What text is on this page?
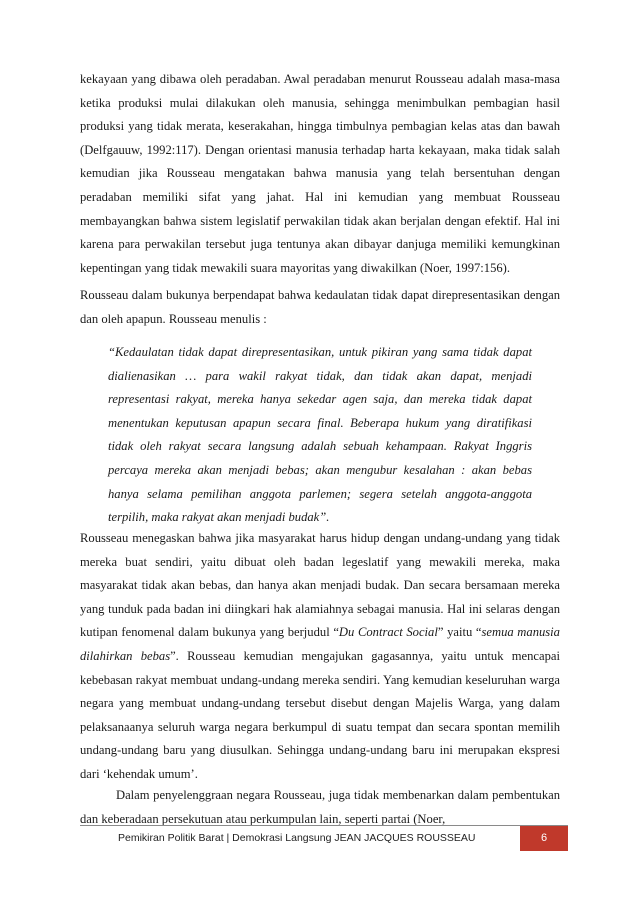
kekayaan yang dibawa oleh peradaban. Awal peradaban menurut Rousseau adalah masa-masa ketika produksi mulai dilakukan oleh manusia, sehingga menimbulkan pembagian hasil produksi yang tidak merata, keserakahan, hingga timbulnya pembagian kelas atas dan bawah (Delfgauuw, 1992:117). Dengan orientasi manusia terhadap harta kekayaan, maka tidak salah kemudian jika Rousseau mengatakan bahwa manusia yang telah bersentuhan dengan peradaban memiliki sifat yang jahat. Hal ini kemudian yang membuat Rousseau membayangkan bahwa sistem legislatif perwakilan tidak akan berjalan dengan efektif. Hal ini karena para perwakilan tersebut juga tentunya akan dibayar danjuga memiliki kemungkinan kepentingan yang tidak mewakili suara mayoritas yang diwakilkan (Noer, 1997:156).

Rousseau dalam bukunya berpendapat bahwa kedaulatan tidak dapat direpresentasikan dengan dan oleh apapun. Rousseau menulis :

“Kedaulatan tidak dapat direpresentasikan, untuk pikiran yang sama tidak dapat dialienasikan … para wakil rakyat tidak, dan tidak akan dapat, menjadi representasi rakyat, mereka hanya sekedar agen saja, dan mereka tidak dapat menentukan keputusan apapun secara final. Beberapa hukum yang diratifikasi tidak oleh rakyat secara langsung adalah sebuah kehampaan. Rakyat Inggris percaya mereka akan menjadi bebas; akan mengubur kesalahan : akan bebas hanya selama pemilihan anggota parlemen; segera setelah anggota-anggota terpilih, maka rakyat akan menjadi budak”.

Rousseau menegaskan bahwa jika masyarakat harus hidup dengan undang-undang yang tidak mereka buat sendiri, yaitu dibuat oleh badan legeslatif yang mewakili mereka, maka masyarakat tidak akan bebas, dan hanya akan menjadi budak. Dan secara bersamaan mereka yang tunduk pada badan ini diingkari hak alamiahnya sebagai manusia. Hal ini selaras dengan kutipan fenomenal dalam bukunya yang berjudul “Du Contract Social” yaitu “semua manusia dilahirkan bebas”. Rousseau kemudian mengajukan gagasannya, yaitu untuk mencapai kebebasan rakyat membuat undang-undang mereka sendiri. Yang kemudian keseluruhan warga negara yang membuat undang-undang tersebut disebut dengan Majelis Warga, yang dalam pelaksanaanya seluruh warga negara berkumpul di suatu tempat dan secara spontan memilih undang-undang baru yang diusulkan. Sehingga undang-undang baru ini merupakan ekspresi dari ‘kehendak umum’.

Dalam penyelenggraan negara Rousseau, juga tidak membenarkan dalam pembentukan dan keberadaan persekutuan atau perkumpulan lain, seperti partai (Noer,

Pemikiran Politik Barat | Demokrasi Langsung JEAN JACQUES ROUSSEAU	6
